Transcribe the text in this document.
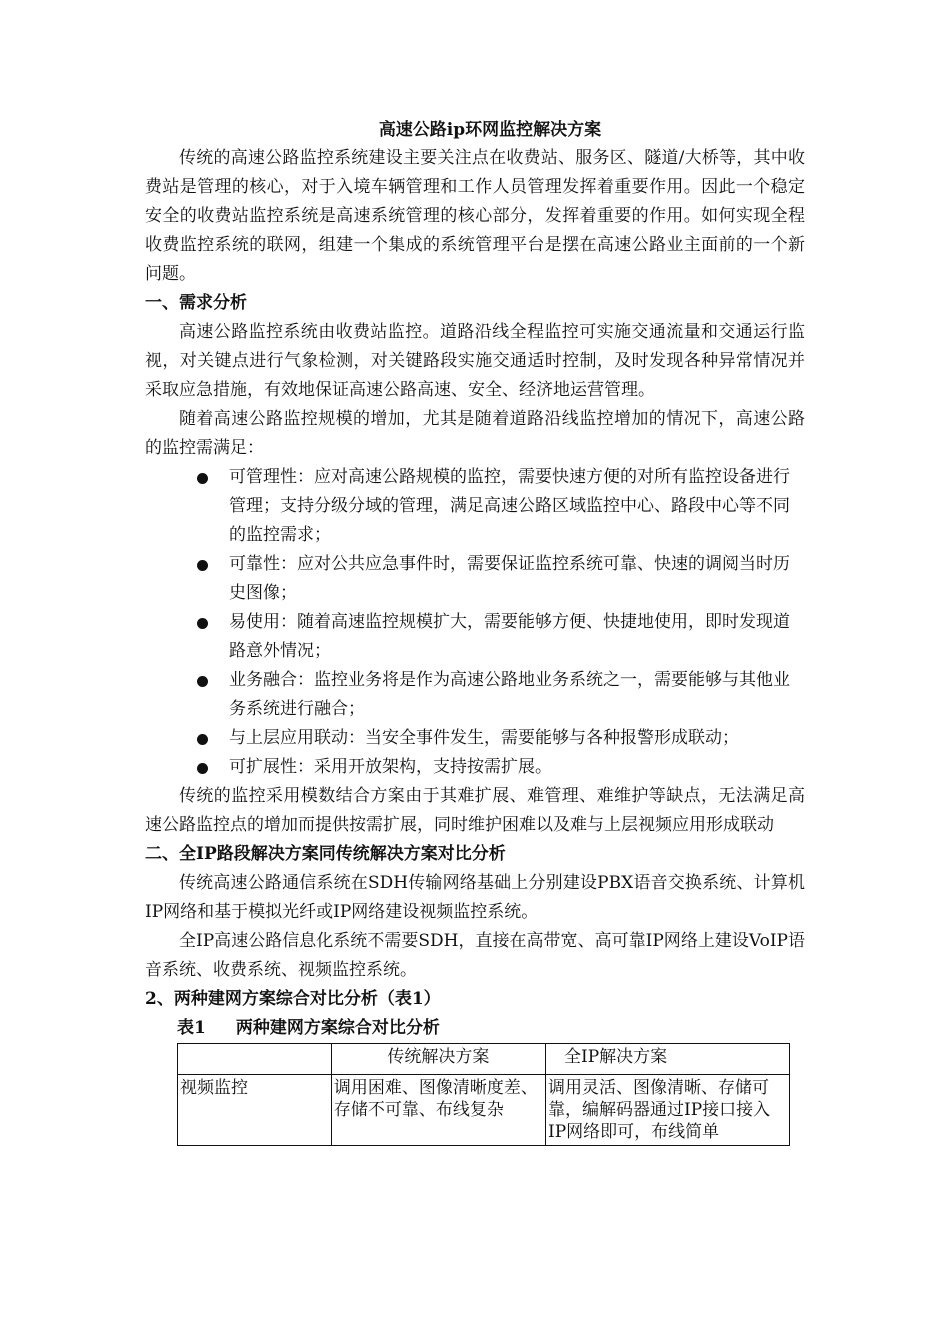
高速公路ip环网监控解决方案

传统的高速公路监控系统建设主要关注点在收费站、服务区、隧道/大桥等，其中收费站是管理的核心，对于入境车辆管理和工作人员管理发挥着重要作用。因此一个稳定安全的收费站监控系统是高速系统管理的核心部分，发挥着重要的作用。如何实现全程收费监控系统的联网，组建一个集成的系统管理平台是摆在高速公路业主面前的一个新问题。

一、需求分析

高速公路监控系统由收费站监控。道路沿线全程监控可实施交通流量和交通运行监视，对关键点进行气象检测，对关键路段实施交通适时控制，及时发现各种异常情况并采取应急措施，有效地保证高速公路高速、安全、经济地运营管理。

随着高速公路监控规模的增加，尤其是随着道路沿线监控增加的情况下，高速公路的监控需满足：

可管理性：应对高速公路规模的监控，需要快速方便的对所有监控设备进行管理；支持分级分域的管理，满足高速公路区域监控中心、路段中心等不同的监控需求；
可靠性：应对公共应急事件时，需要保证监控系统可靠、快速的调阅当时历史图像；
易使用：随着高速监控规模扩大，需要能够方便、快捷地使用，即时发现道路意外情况；
业务融合：监控业务将是作为高速公路地业务系统之一，需要能够与其他业务系统进行融合；
与上层应用联动：当安全事件发生，需要能够与各种报警形成联动；
可扩展性：采用开放架构，支持按需扩展。

传统的监控采用模数结合方案由于其难扩展、难管理、难维护等缺点，无法满足高速公路监控点的增加而提供按需扩展，同时维护困难以及难与上层视频应用形成联动

二、全IP路段解决方案同传统解决方案对比分析

传统高速公路通信系统在SDH传输网络基础上分别建设PBX语音交换系统、计算机IP网络和基于模拟光纤或IP网络建设视频监控系统。

全IP高速公路信息化系统不需要SDH，直接在高带宽、高可靠IP网络上建设VoIP语音系统、收费系统、视频监控系统。

2、两种建网方案综合对比分析（表1）
表1 两种建网方案综合对比分析
	传统解决方案	全IP解决方案
视频监控	调用困难、图像清晰度差、存储不可靠、布线复杂	调用灵活、图像清晰、存储可靠，编解码器通过IP接口接入IP网络即可，布线简单
